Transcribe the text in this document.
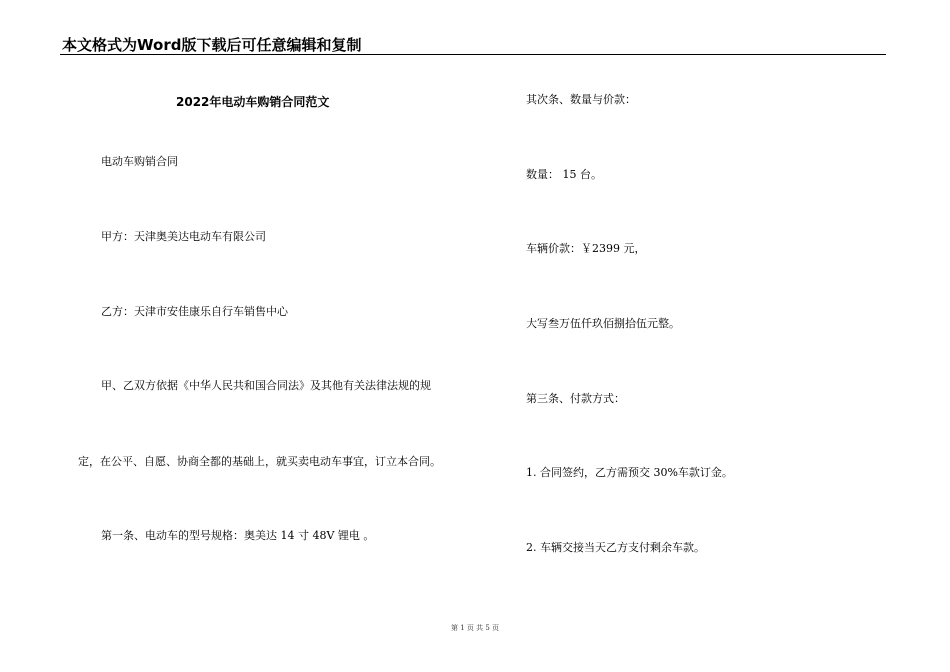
本文格式为Word版下载后可任意编辑和复制
2022年电动车购销合同范文
电动车购销合同
甲方：天津奥美达电动车有限公司
乙方：天津市安佳康乐自行车销售中心
甲、乙双方依据《中华人民共和国合同法》及其他有关法律法规的规
定，在公平、自愿、协商全都的基础上，就买卖电动车事宜，订立本合同。
第一条、电动车的型号规格：奥美达 14 寸 48V 锂电 。
其次条、数量与价款：
数量： 15 台。
车辆价款：￥2399 元，
大写叁万伍仟玖佰捌拾伍元整。
第三条、付款方式：
1. 合同签约，乙方需预交 30%车款订金。
2. 车辆交接当天乙方支付剩余车款。
第 1 页 共 5 页
